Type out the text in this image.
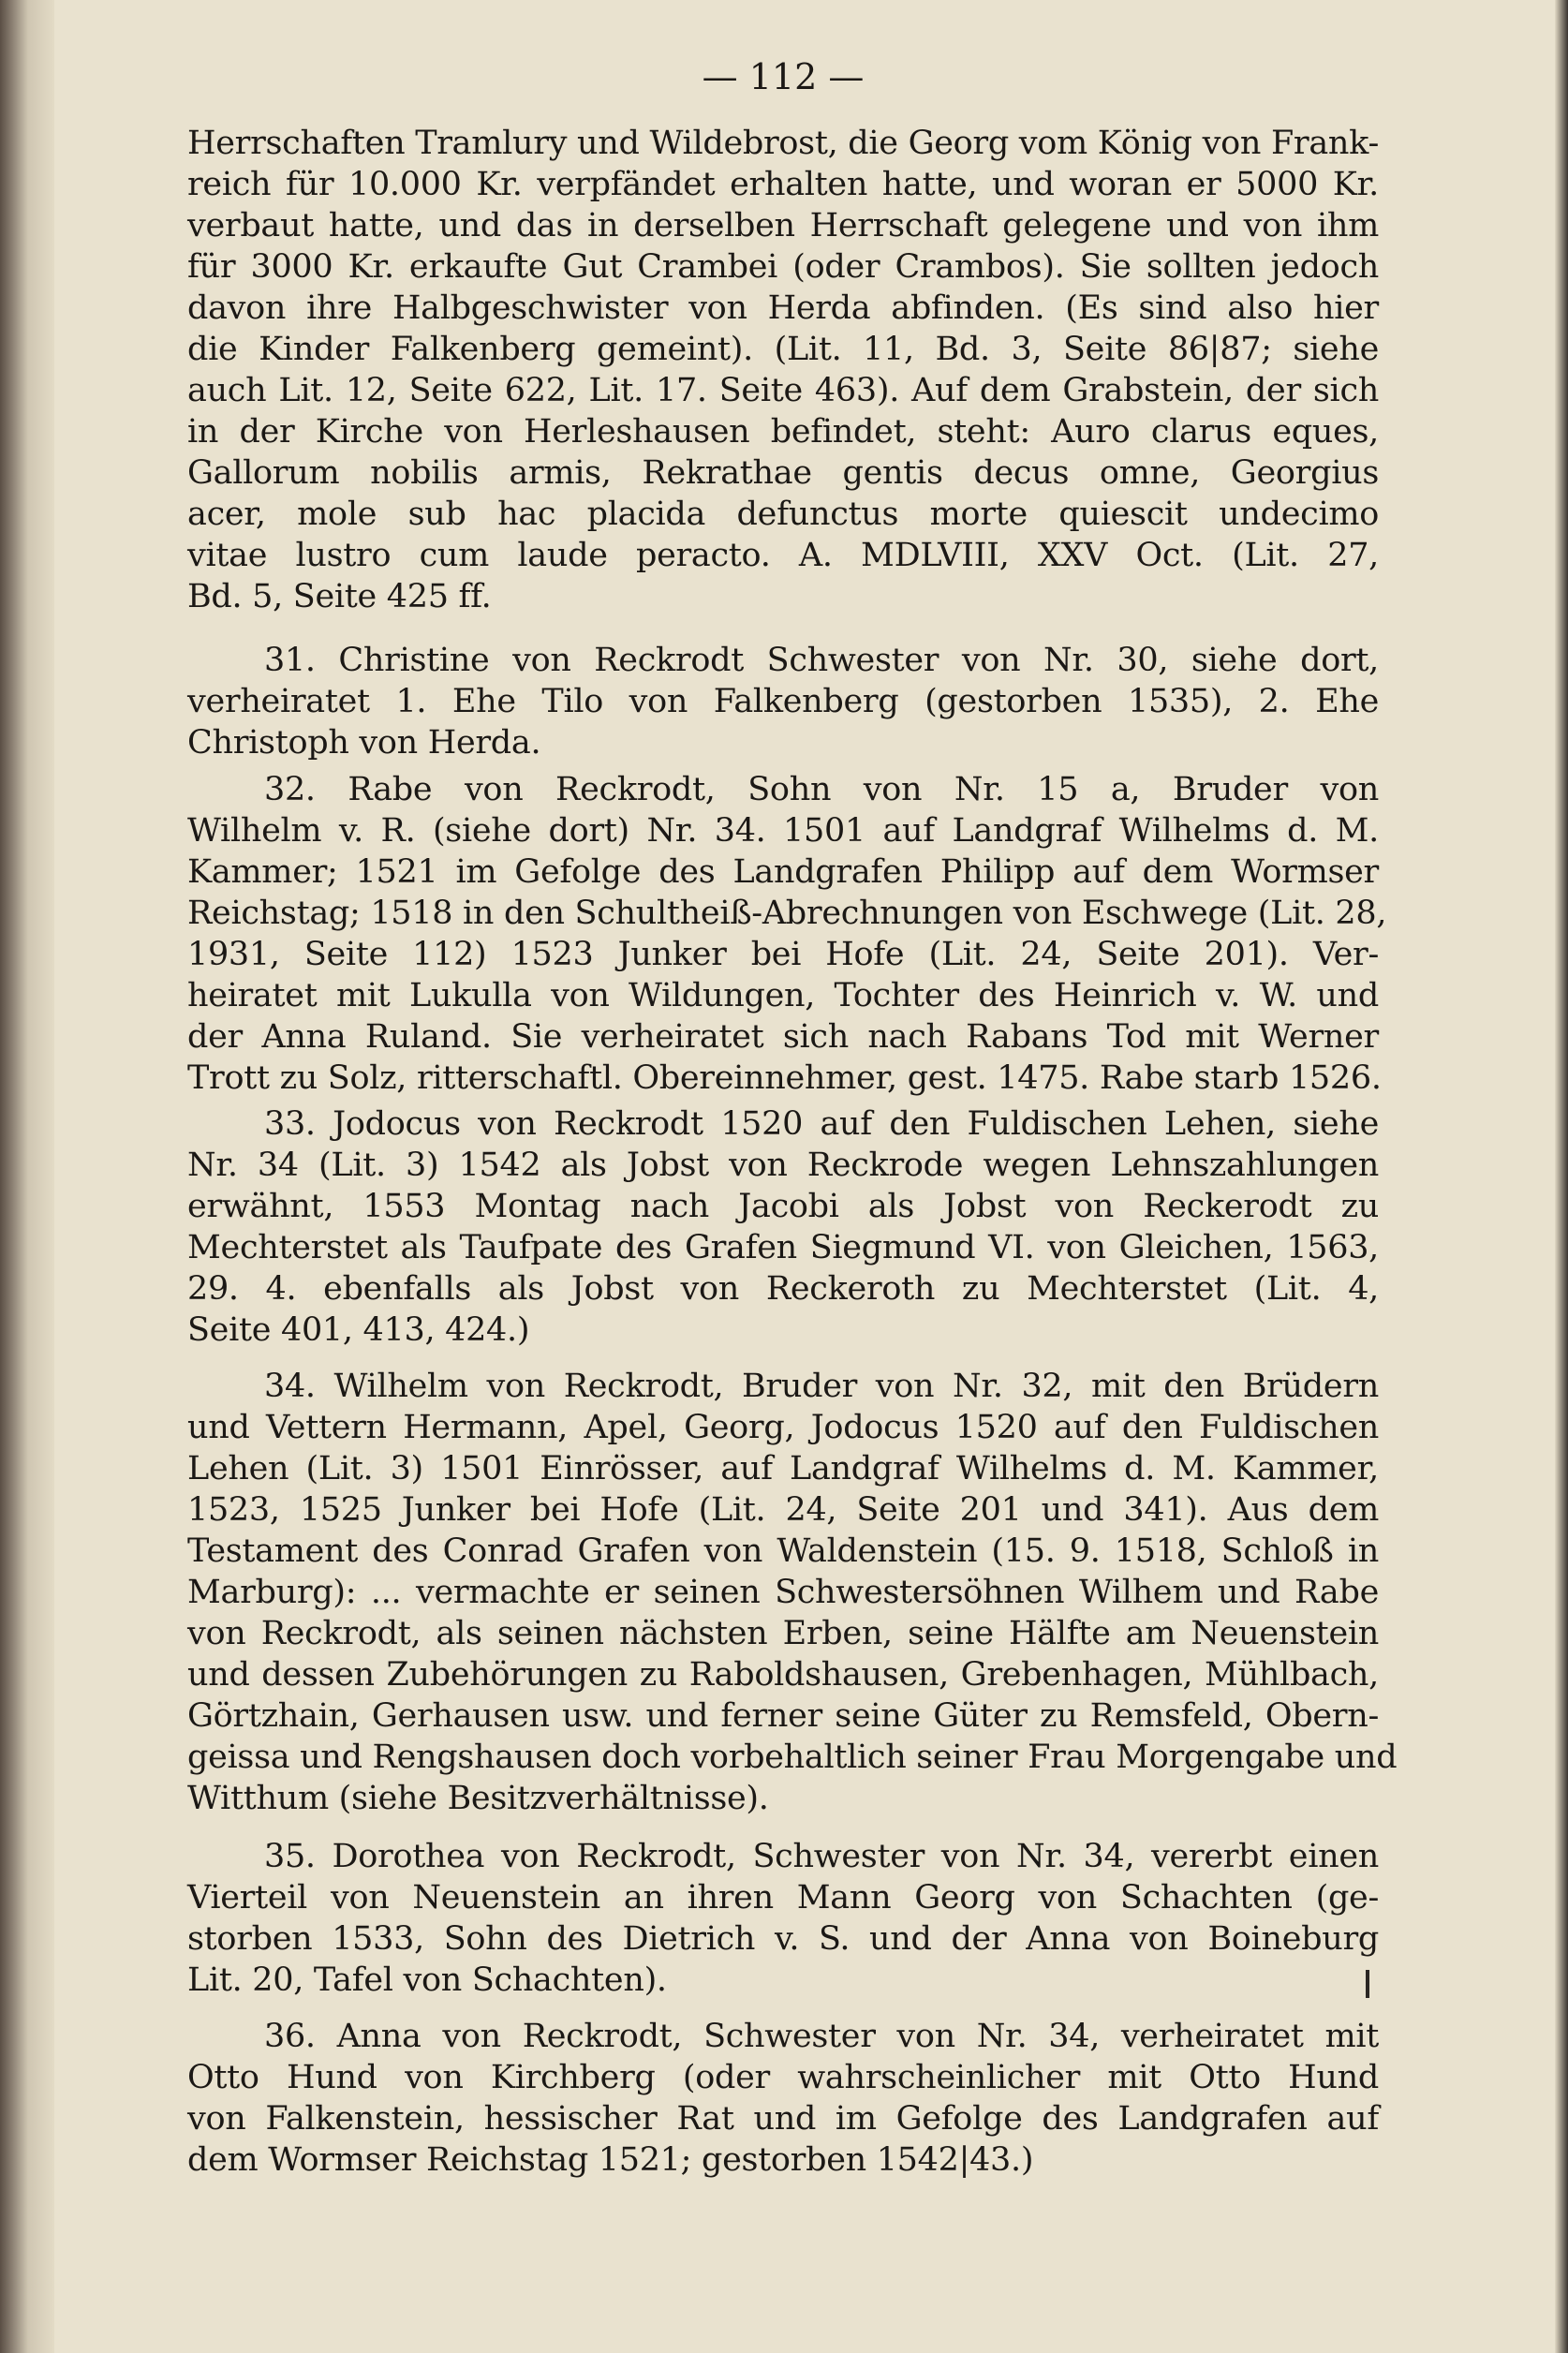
— 112 —
Herrschaften Tramlury und Wildebrost, die Georg vom König von Frank-
reich für 10.000 Kr. verpfändet erhalten hatte, und woran er 5000 Kr.
verbaut hatte, und das in derselben Herrschaft gelegene und von ihm
für 3000 Kr. erkaufte Gut Crambei (oder Crambos). Sie sollten jedoch
davon ihre Halbgeschwister von Herda abfinden. (Es sind also hier
die Kinder Falkenberg gemeint). (Lit. 11, Bd. 3, Seite 86|87; siehe
auch Lit. 12, Seite 622, Lit. 17. Seite 463). Auf dem Grabstein, der sich
in der Kirche von Herleshausen befindet, steht: Auro clarus eques,
Gallorum nobilis armis, Rekrathae gentis decus omne, Georgius
acer, mole sub hac placida defunctus morte quiescit undecimo
vitae lustro cum laude peracto. A. MDLVIII, XXV Oct. (Lit. 27,
Bd. 5, Seite 425 ff.
31. Christine von Reckrodt Schwester von Nr. 30, siehe dort,
verheiratet 1. Ehe Tilo von Falkenberg (gestorben 1535), 2. Ehe
Christoph von Herda.
32. Rabe von Reckrodt, Sohn von Nr. 15 a, Bruder von
Wilhelm v. R. (siehe dort) Nr. 34. 1501 auf Landgraf Wilhelms d. M.
Kammer; 1521 im Gefolge des Landgrafen Philipp auf dem Wormser
Reichstag; 1518 in den Schultheiß-Abrechnungen von Eschwege (Lit. 28,
1931, Seite 112) 1523 Junker bei Hofe (Lit. 24, Seite 201). Ver-
heiratet mit Lukulla von Wildungen, Tochter des Heinrich v. W. und
der Anna Ruland. Sie verheiratet sich nach Rabans Tod mit Werner
Trott zu Solz, ritterschaftl. Obereinnehmer, gest. 1475. Rabe starb 1526.
33. Jodocus von Reckrodt 1520 auf den Fuldischen Lehen, siehe
Nr. 34 (Lit. 3) 1542 als Jobst von Reckrode wegen Lehnszahlungen
erwähnt, 1553 Montag nach Jacobi als Jobst von Reckerodt zu
Mechterstet als Taufpate des Grafen Siegmund VI. von Gleichen, 1563,
29. 4. ebenfalls als Jobst von Reckeroth zu Mechterstet (Lit. 4,
Seite 401, 413, 424.)
34. Wilhelm von Reckrodt, Bruder von Nr. 32, mit den Brüdern
und Vettern Hermann, Apel, Georg, Jodocus 1520 auf den Fuldischen
Lehen (Lit. 3) 1501 Einrösser, auf Landgraf Wilhelms d. M. Kammer,
1523, 1525 Junker bei Hofe (Lit. 24, Seite 201 und 341). Aus dem
Testament des Conrad Grafen von Waldenstein (15. 9. 1518, Schloß in
Marburg): ... vermachte er seinen Schwestersöhnen Wilhem und Rabe
von Reckrodt, als seinen nächsten Erben, seine Hälfte am Neuenstein
und dessen Zubehörungen zu Raboldshausen, Grebenhagen, Mühlbach,
Görtzhain, Gerhausen usw. und ferner seine Güter zu Remsfeld, Obern-
geissa und Rengshausen doch vorbehaltlich seiner Frau Morgengabe und
Witthum (siehe Besitzverhältnisse).
35. Dorothea von Reckrodt, Schwester von Nr. 34, vererbt einen
Vierteil von Neuenstein an ihren Mann Georg von Schachten (ge-
storben 1533, Sohn des Dietrich v. S. und der Anna von Boineburg
Lit. 20, Tafel von Schachten).
36. Anna von Reckrodt, Schwester von Nr. 34, verheiratet mit
Otto Hund von Kirchberg (oder wahrscheinlicher mit Otto Hund
von Falkenstein, hessischer Rat und im Gefolge des Landgrafen auf
dem Wormser Reichstag 1521; gestorben 1542|43.)
